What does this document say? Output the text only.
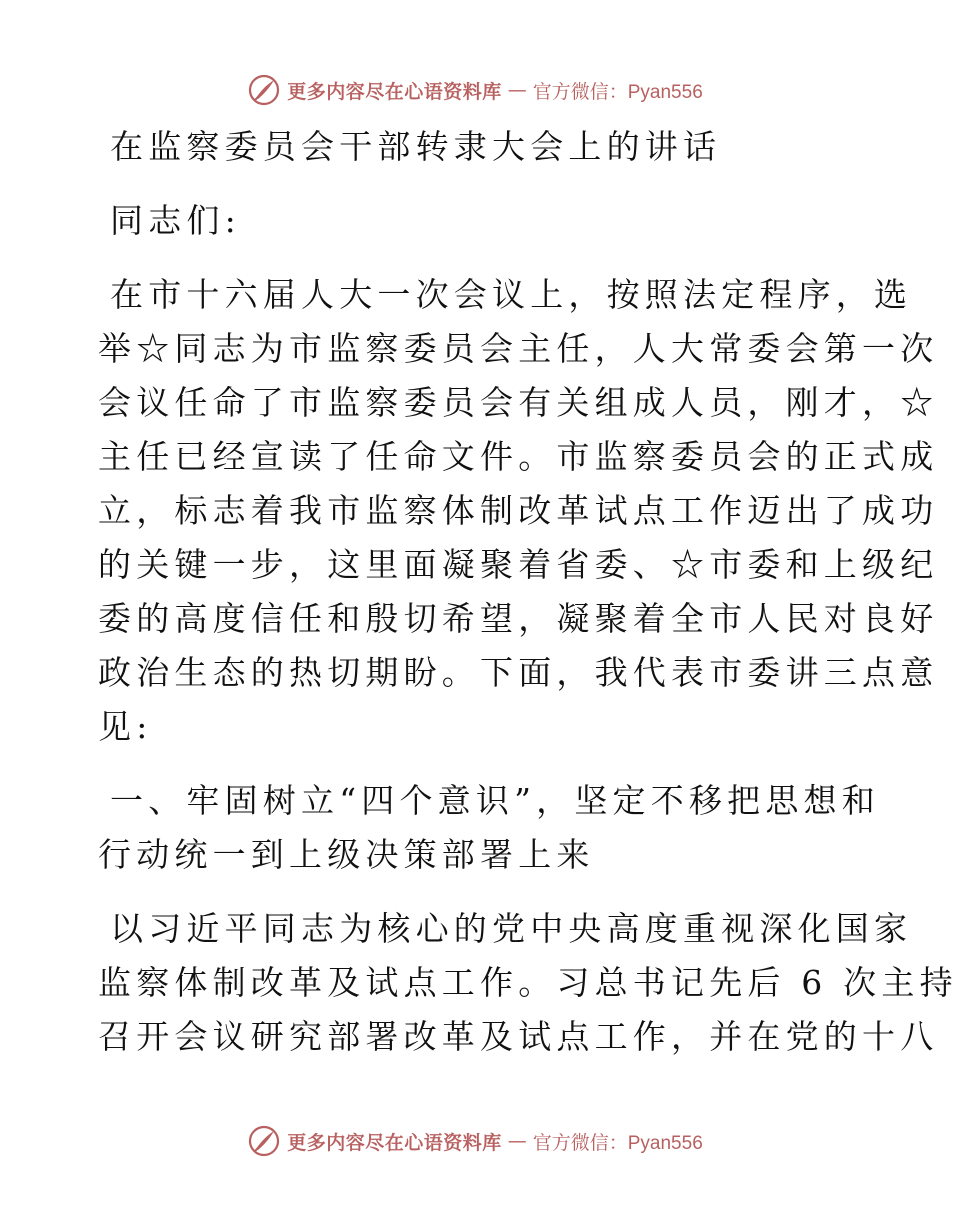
更多内容尽在心语资料库 — 官方微信：Pyan556
在监察委员会干部转隶大会上的讲话
同志们:
在市十六届人大一次会议上，按照法定程序，选
举☆同志为市监察委员会主任，人大常委会第一次
会议任命了市监察委员会有关组成人员，刚才，☆
主任已经宣读了任命文件。市监察委员会的正式成
立，标志着我市监察体制改革试点工作迈出了成功
的关键一步，这里面凝聚着省委、☆市委和上级纪
委的高度信任和殷切希望，凝聚着全市人民对良好
政治生态的热切期盼。下面，我代表市委讲三点意
见:
一、牢固树立“四个意识”，坚定不移把思想和
行动统一到上级决策部署上来
以习近平同志为核心的党中央高度重视深化国家
监察体制改革及试点工作。习总书记先后 6 次主持
召开会议研究部署改革及试点工作，并在党的十八
更多内容尽在心语资料库 — 官方微信：Pyan556
